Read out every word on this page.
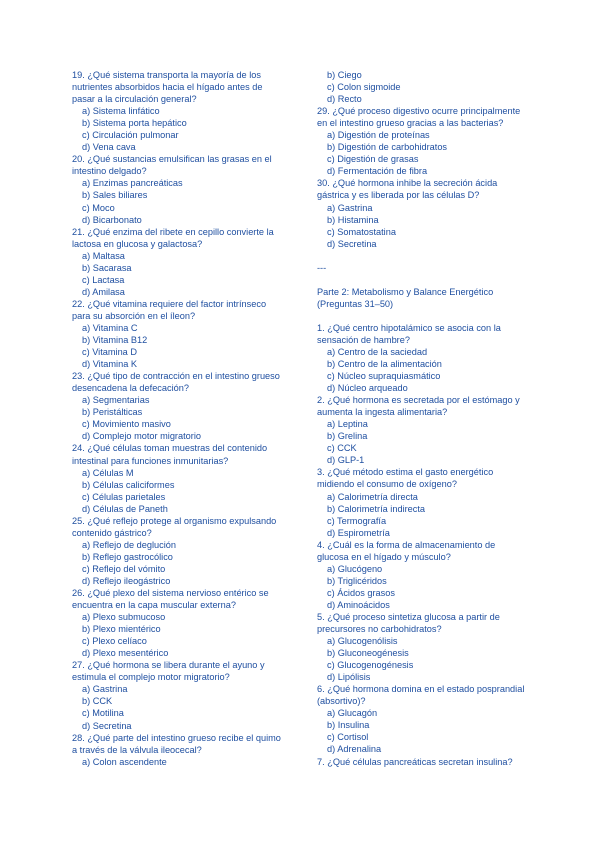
19. ¿Qué sistema transporta la mayoría de los
nutrientes absorbidos hacia el hígado antes de
pasar a la circulación general?
a) Sistema linfático
b) Sistema porta hepático
c) Circulación pulmonar
d) Vena cava
20. ¿Qué sustancias emulsifican las grasas en el
intestino delgado?
a) Enzimas pancreáticas
b) Sales biliares
c) Moco
d) Bicarbonato
21. ¿Qué enzima del ribete en cepillo convierte la
lactosa en glucosa y galactosa?
a) Maltasa
b) Sacarasa
c) Lactasa
d) Amilasa
22. ¿Qué vitamina requiere del factor intrínseco
para su absorción en el íleon?
a) Vitamina C
b) Vitamina B12
c) Vitamina D
d) Vitamina K
23. ¿Qué tipo de contracción en el intestino grueso
desencadena la defecación?
a) Segmentarias
b) Peristálticas
c) Movimiento masivo
d) Complejo motor migratorio
24. ¿Qué células toman muestras del contenido
intestinal para funciones inmunitarias?
a) Células M
b) Células caliciformes
c) Células parietales
d) Células de Paneth
25. ¿Qué reflejo protege al organismo expulsando
contenido gástrico?
a) Reflejo de deglución
b) Reflejo gastrocólico
c) Reflejo del vómito
d) Reflejo ileogástrico
26. ¿Qué plexo del sistema nervioso entérico se
encuentra en la capa muscular externa?
a) Plexo submucoso
b) Plexo mientérico
c) Plexo celíaco
d) Plexo mesentérico
27. ¿Qué hormona se libera durante el ayuno y
estimula el complejo motor migratorio?
a) Gastrina
b) CCK
c) Motilina
d) Secretina
28. ¿Qué parte del intestino grueso recibe el quimo
a través de la válvula ileocecal?
a) Colon ascendente
b) Ciego
c) Colon sigmoide
d) Recto
29. ¿Qué proceso digestivo ocurre principalmente
en el intestino grueso gracias a las bacterias?
a) Digestión de proteínas
b) Digestión de carbohidratos
c) Digestión de grasas
d) Fermentación de fibra
30. ¿Qué hormona inhibe la secreción ácida
gástrica y es liberada por las células D?
a) Gastrina
b) Histamina
c) Somatostatina
d) Secretina
---
Parte 2: Metabolismo y Balance Energético
(Preguntas 31–50)
1. ¿Qué centro hipotalámico se asocia con la
sensación de hambre?
a) Centro de la saciedad
b) Centro de la alimentación
c) Núcleo supraquiasmático
d) Núcleo arqueado
2. ¿Qué hormona es secretada por el estómago y
aumenta la ingesta alimentaria?
a) Leptina
b) Grelina
c) CCK
d) GLP-1
3. ¿Qué método estima el gasto energético
midiendo el consumo de oxígeno?
a) Calorimetría directa
b) Calorimetría indirecta
c) Termografía
d) Espirometría
4. ¿Cuál es la forma de almacenamiento de
glucosa en el hígado y músculo?
a) Glucógeno
b) Triglicéridos
c) Ácidos grasos
d) Aminoácidos
5. ¿Qué proceso sintetiza glucosa a partir de
precursores no carbohidratos?
a) Glucogenólisis
b) Gluconeogénesis
c) Glucogenogénesis
d) Lipólisis
6. ¿Qué hormona domina en el estado posprandial
(absortivo)?
a) Glucagón
b) Insulina
c) Cortisol
d) Adrenalina
7. ¿Qué células pancreáticas secretan insulina?
